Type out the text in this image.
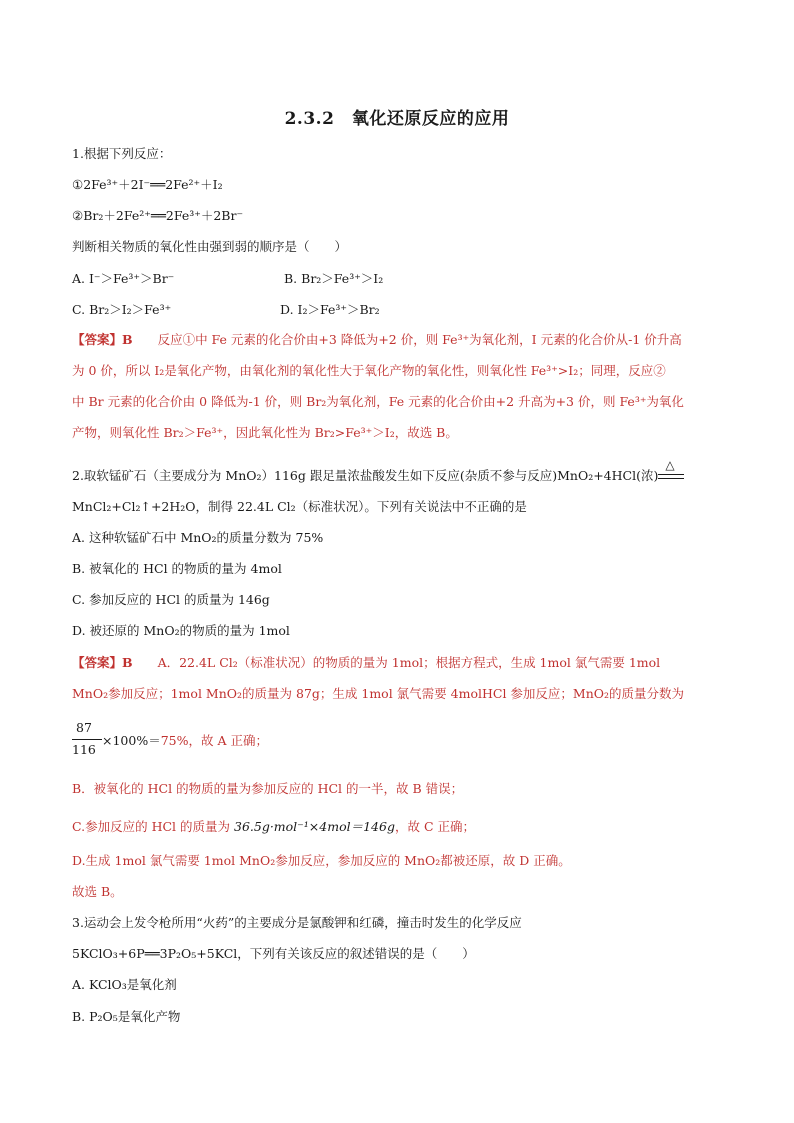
2.3.2　氧化还原反应的应用
1.根据下列反应：
①2Fe³⁺＋2I⁻══2Fe²⁺＋I₂
②Br₂＋2Fe²⁺══2Fe³⁺＋2Br⁻
判断相关物质的氧化性由强到弱的顺序是（　　）
A. I⁻＞Fe³⁺＞Br⁻	B. Br₂＞Fe³⁺＞I₂
C. Br₂＞I₂＞Fe³⁺	D. I₂＞Fe³⁺＞Br₂
【答案】B　　反应①中 Fe 元素的化合价由+3 降低为+2 价，则 Fe³⁺为氧化剂，I 元素的化合价从-1 价升高
为 0 价，所以 I₂是氧化产物，由氧化剂的氧化性大于氧化产物的氧化性，则氧化性 Fe³⁺>I₂；同理，反应②
中 Br 元素的化合价由 0 降低为-1 价，则 Br₂为氧化剂，Fe 元素的化合价由+2 升高为+3 价，则 Fe³⁺为氧化
产物，则氧化性 Br₂＞Fe³⁺，因此氧化性为 Br₂>Fe³⁺＞I₂，故选 B。
2.取软锰矿石（主要成分为 MnO₂）116g 跟足量浓盐酸发生如下反应(杂质不参与反应)MnO₂+4HCl(浓)
△
MnCl₂+Cl₂↑+2H₂O，制得 22.4L Cl₂（标准状况）。下列有关说法中不正确的是
A. 这种软锰矿石中 MnO₂的质量分数为 75%
B. 被氧化的 HCl 的物质的量为 4mol
C. 参加反应的 HCl 的质量为 146g
D. 被还原的 MnO₂的物质的量为 1mol
【答案】B　　A．22.4L Cl₂（标准状况）的物质的量为 1mol；根据方程式，生成 1mol 氯气需要 1mol
MnO₂参加反应；1mol MnO₂的质量为 87g；生成 1mol 氯气需要 4molHCl 参加反应；MnO₂的质量分数为
87
116
×100%＝75%，故 A 正确；
B．被氧化的 HCl 的物质的量为参加反应的 HCl 的一半，故 B 错误；
C.参加反应的 HCl 的质量为 36.5g·mol⁻¹×4mol＝146g，故 C 正确；
D.生成 1mol 氯气需要 1mol MnO₂参加反应，参加反应的 MnO₂都被还原，故 D 正确。
故选 B。
3.运动会上发令枪所用“火药”的主要成分是氯酸钾和红磷，撞击时发生的化学反应
5KClO₃+6P══3P₂O₅+5KCl，下列有关该反应的叙述错误的是（　　）
A. KClO₃是氧化剂
B. P₂O₅是氧化产物
